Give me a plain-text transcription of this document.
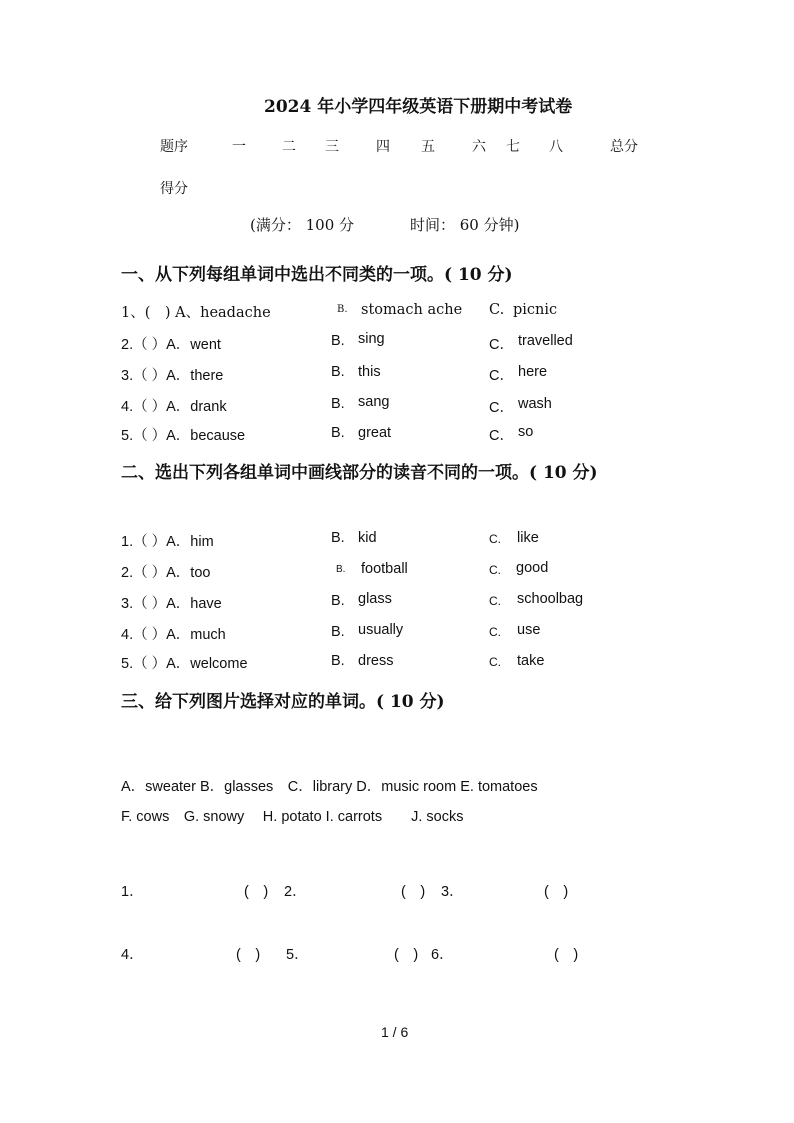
2024 年小学四年级英语下册期中考试卷
题序	一	二 三	四 五	六 七 八	总分
得分
(满分： 100 分	时间： 60 分钟)
一、从下列每组单词中选出不同类的一项。( 10 分)
1、(　) A、headache	B. stomach ache C. picnic
2.（ ）A．went	B. sing	C． travelled
3.（ ）A．there	B. this	C． here
4.（ ）A．drank	B. sang	C． wash
5.（ ）A．because	B. great	C． so
二、选出下列各组单词中画线部分的读音不同的一项。( 10 分)
1.（ ）A．him	B. kid	C. like
2.（ ）A．too	B. football	C. good
3.（ ）A．have	B. glass	C. schoolbag
4.（ ）A．much	B. usually	C. use
5.（ ）A．welcome	B. dress	C. take
三、给下列图片选择对应的单词。( 10 分)
A．sweater B．glasses　C．library D．music room E. tomatoes
F. cows　G. snowy　 H. potato I. carrots　　J. socks
1．	(　) 2．	(　) 3．	(　)
4．	(　) 5．	(　) 6．	(　)
1 / 6
